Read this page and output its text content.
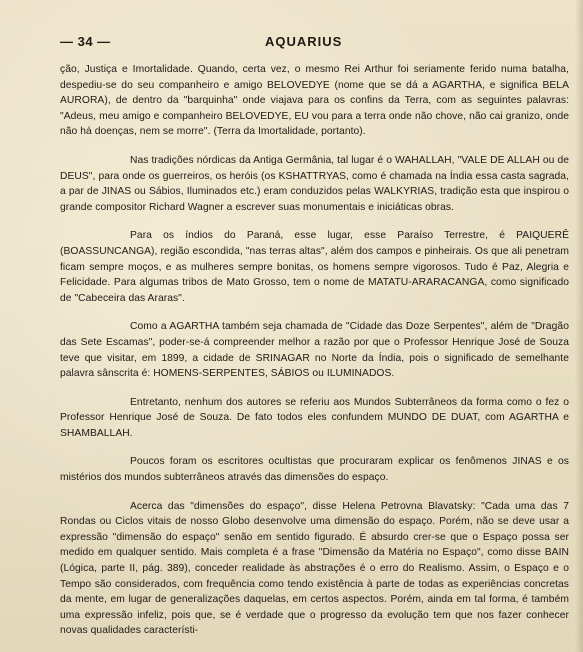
— 34 —	AQUARIUS

ção, Justiça e Imortalidade. Quando, certa vez, o mesmo Rei Arthur foi seriamente ferido numa batalha, despediu-se do seu companheiro e amigo BELOVEDYE (nome que se dá a AGARTHA, e significa BELA AURORA), de dentro da "barquinha" onde viajava para os confins da Terra, com as seguintes palavras: "Adeus, meu amigo e companheiro BELOVEDYE, EU vou para a terra onde não chove, não cai granizo, onde não há doenças, nem se morre". (Terra da Imortalidade, portanto).

Nas tradições nórdicas da Antiga Germânia, tal lugar é o WAHALLAH, "VALE DE ALLAH ou de DEUS", para onde os guerreiros, os heróis (os KSHATTRYAS, como é chamada na Índia essa casta sagrada, a par de JINAS ou Sábios, Iluminados etc.) eram conduzidos pelas WALKYRIAS, tradição esta que inspirou o grande compositor Richard Wagner a escrever suas monumentais e iniciáticas obras.

Para os índios do Paraná, esse lugar, esse Paraíso Terrestre, é PAIQUERÊ (BOASSUNCANGA), região escondida, "nas terras altas", além dos campos e pinheirais. Os que ali penetram ficam sempre moços, e as mulheres sempre bonitas, os homens sempre vigorosos. Tudo é Paz, Alegria e Felicidade. Para algumas tribos de Mato Grosso, tem o nome de MATATU-ARARACANGA, como significado de "Cabeceira das Araras".

Como a AGARTHA também seja chamada de "Cidade das Doze Serpentes", além de "Dragão das Sete Escamas", poder-se-á compreender melhor a razão por que o Professor Henrique José de Souza teve que visitar, em 1899, a cidade de SRINAGAR no Norte da Índia, pois o significado de semelhante palavra sânscrita é: HOMENS-SERPENTES, SÁBIOS ou ILUMINADOS.

Entretanto, nenhum dos autores se referiu aos Mundos Subterrâneos da forma como o fez o Professor Henrique José de Souza. De fato todos eles confundem MUNDO DE DUAT, com AGARTHA e SHAMBALLAH.

Poucos foram os escritores ocultistas que procuraram explicar os fenômenos JINAS e os mistérios dos mundos subterrâneos através das dimensões do espaço.

Acerca das "dimensões do espaço", disse Helena Petrovna Blavatsky: "Cada uma das 7 Rondas ou Ciclos vitais de nosso Globo desenvolve uma dimensão do espaço. Porém, não se deve usar a expressão "dimensão do espaço" senão em sentido figurado. É absurdo crer-se que o Espaço possa ser medido em qualquer sentido. Mais completa é a frase "Dimensão da Matéria no Espaço", como disse BAIN (Lógica, parte II, pág. 389), conceder realidade às abstrações é o erro do Realismo. Assim, o Espaço e o Tempo são considerados, com frequência como tendo existência à parte de todas as experiências concretas da mente, em lugar de generalizações daquelas, em certos aspectos. Porém, ainda em tal forma, é também uma expressão infeliz, pois que, se é verdade que o progresso da evolução tem que nos fazer conhecer novas qualidades característi-
